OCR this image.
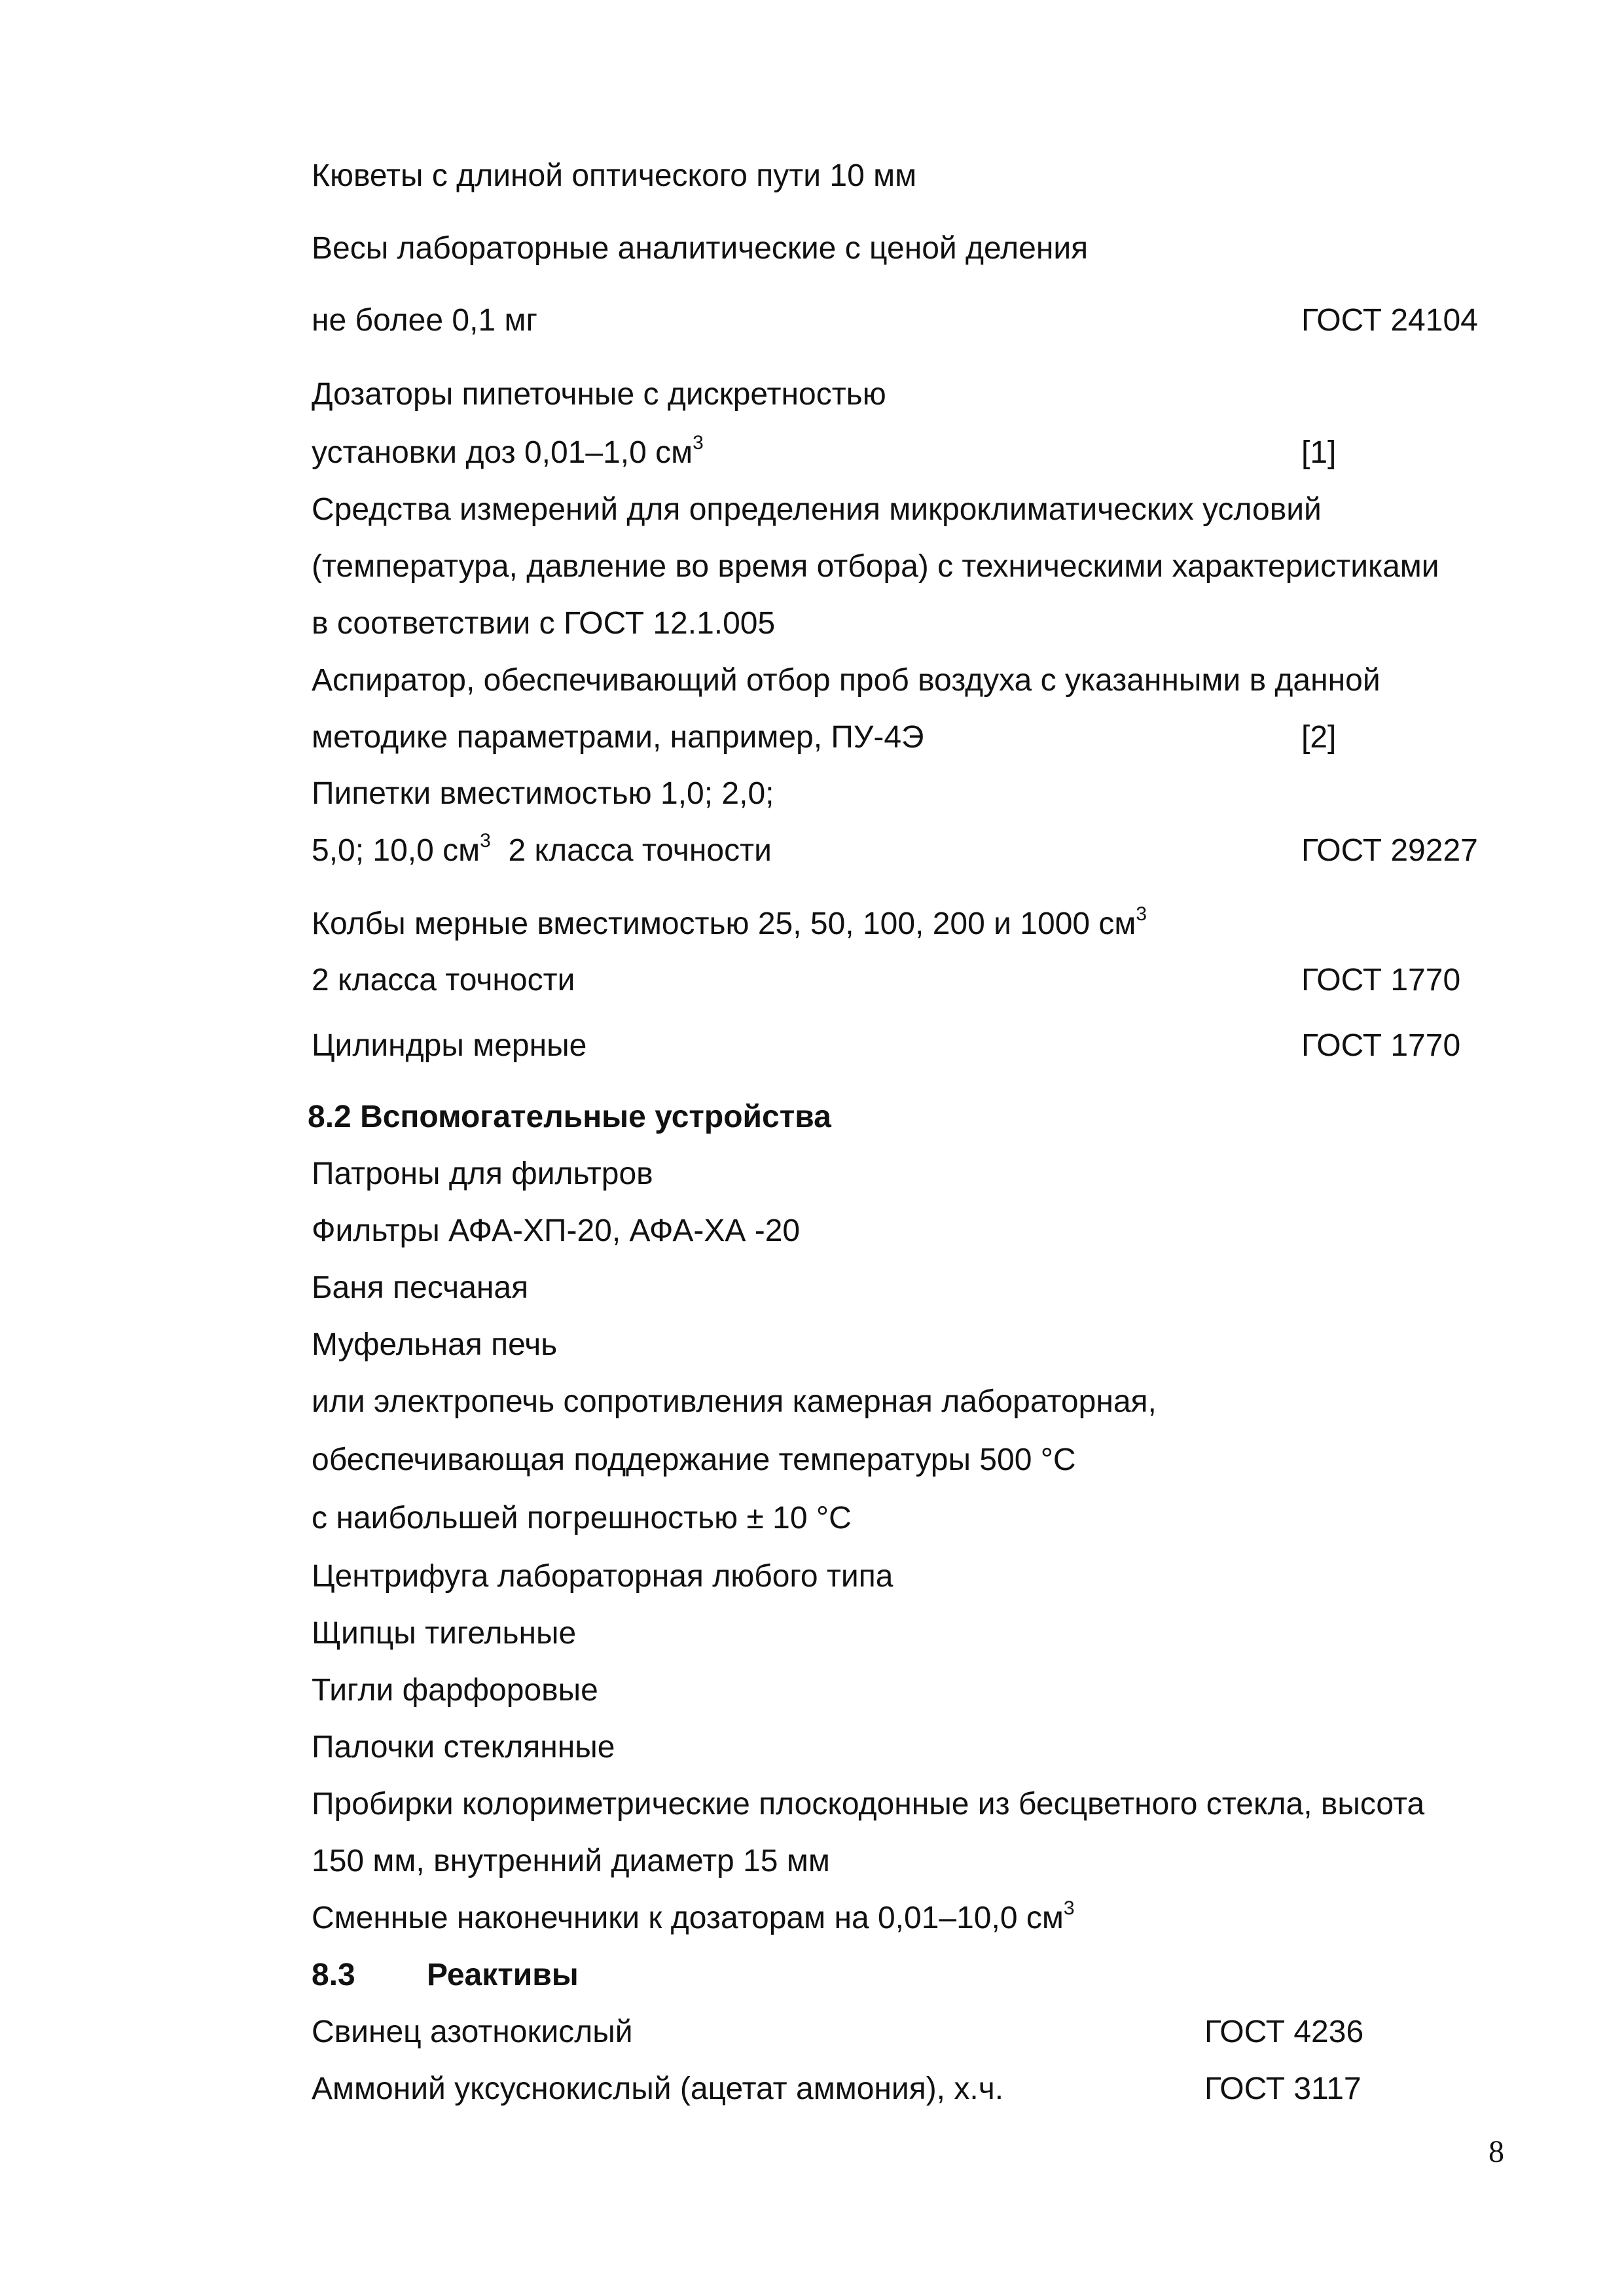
Кюветы с длиной оптического пути 10 мм
Весы лабораторные аналитические с ценой деления
не более 0,1 мг	ГОСТ 24104
Дозаторы пипеточные с дискретностью
установки доз 0,01–1,0 $см^3$	[1]
Средства измерений для определения микроклиматических условий
(температура, давление во время отбора) с техническими характеристиками
в соответствии с ГОСТ 12.1.005
Аспиратор, обеспечивающий отбор проб воздуха с указанными в данной
методике параметрами, например, ПУ-4Э	[2]
Пипетки вместимостью 1,0; 2,0;
5,0; 10,0 $см^3$  2 класса точности	ГОСТ 29227
Колбы мерные вместимостью 25, 50, 100, 200 и 1000 $см^3$
2 класса точности	ГОСТ 1770
Цилиндры мерные	ГОСТ 1770
8.2 Вспомогательные устройства
Патроны для фильтров
Фильтры АФА-ХП-20, АФА-ХА -20
Баня песчаная
Муфельная печь
или электропечь сопротивления камерная лабораторная,
обеспечивающая поддержание температуры 500 °С
с наибольшей погрешностью ± 10 °С
Центрифуга лабораторная любого типа
Щипцы тигельные
Тигли фарфоровые
Палочки стеклянные
Пробирки колориметрические плоскодонные из бесцветного стекла, высота
150 мм, внутренний диаметр 15 мм
Сменные наконечники к дозаторам на 0,01–10,0 $см^3$
8.3 Реактивы
Свинец азотнокислый	ГОСТ 4236
Аммоний уксуснокислый (ацетат аммония), х.ч.	ГОСТ 3117
8
